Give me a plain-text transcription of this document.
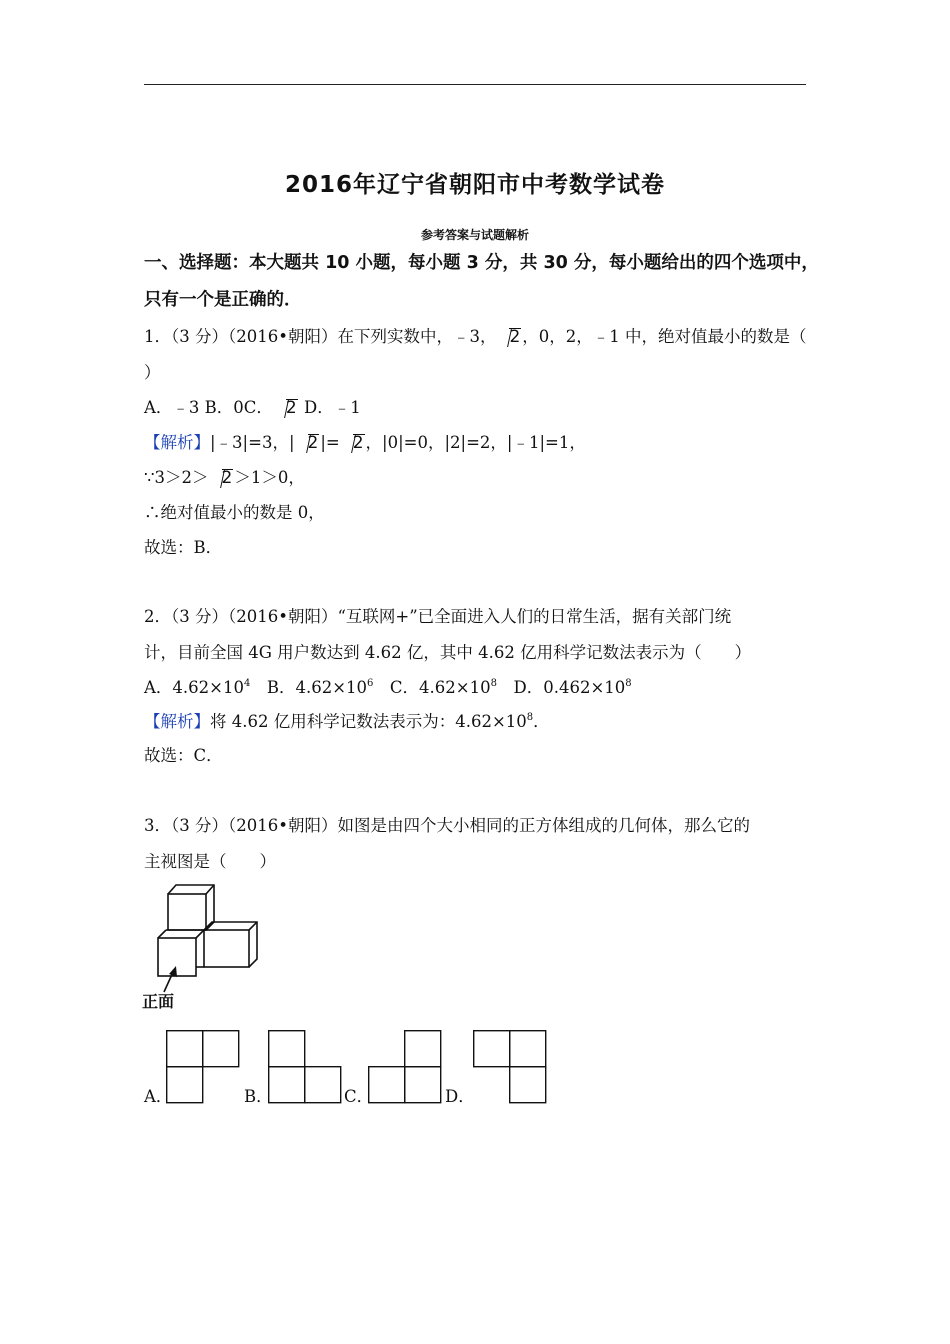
2016年辽宁省朝阳市中考数学试卷
参考答案与试题解析
一、选择题：本大题共 10 小题，每小题 3 分，共 30 分，每小题给出的四个选项中，
只有一个是正确的．
1．（3 分）（2016•朝阳）在下列实数中，﹣3， 2 ，0，2，﹣1 中，绝对值最小的数是（
）
A．﹣3 B．0C． 2 D．﹣1
【解析】|﹣3|=3，| 2 |= 2 ，|0|=0，|2|=2，|﹣1|=1，
∵3＞2＞ 2 ＞1＞0，
∴绝对值最小的数是 0，
故选：B．
2．（3 分）（2016•朝阳）“互联网+”已全面进入人们的日常生活，据有关部门统
计，目前全国 4G 用户数达到 4.62 亿，其中 4.62 亿用科学记数法表示为（　　）
A．$4.62\times 10^4$　B．$4.62\times 10^6$　C．$4.62\times 10^8$　D．$0.462\times 10^8$
【解析】将 4.62 亿用科学记数法表示为：$4.62\times 10^8$．
故选：C．
3．（3 分）（2016•朝阳）如图是由四个大小相同的正方体组成的几何体，那么它的
主视图是（　　）
正面
A．	B．	C．	D．
